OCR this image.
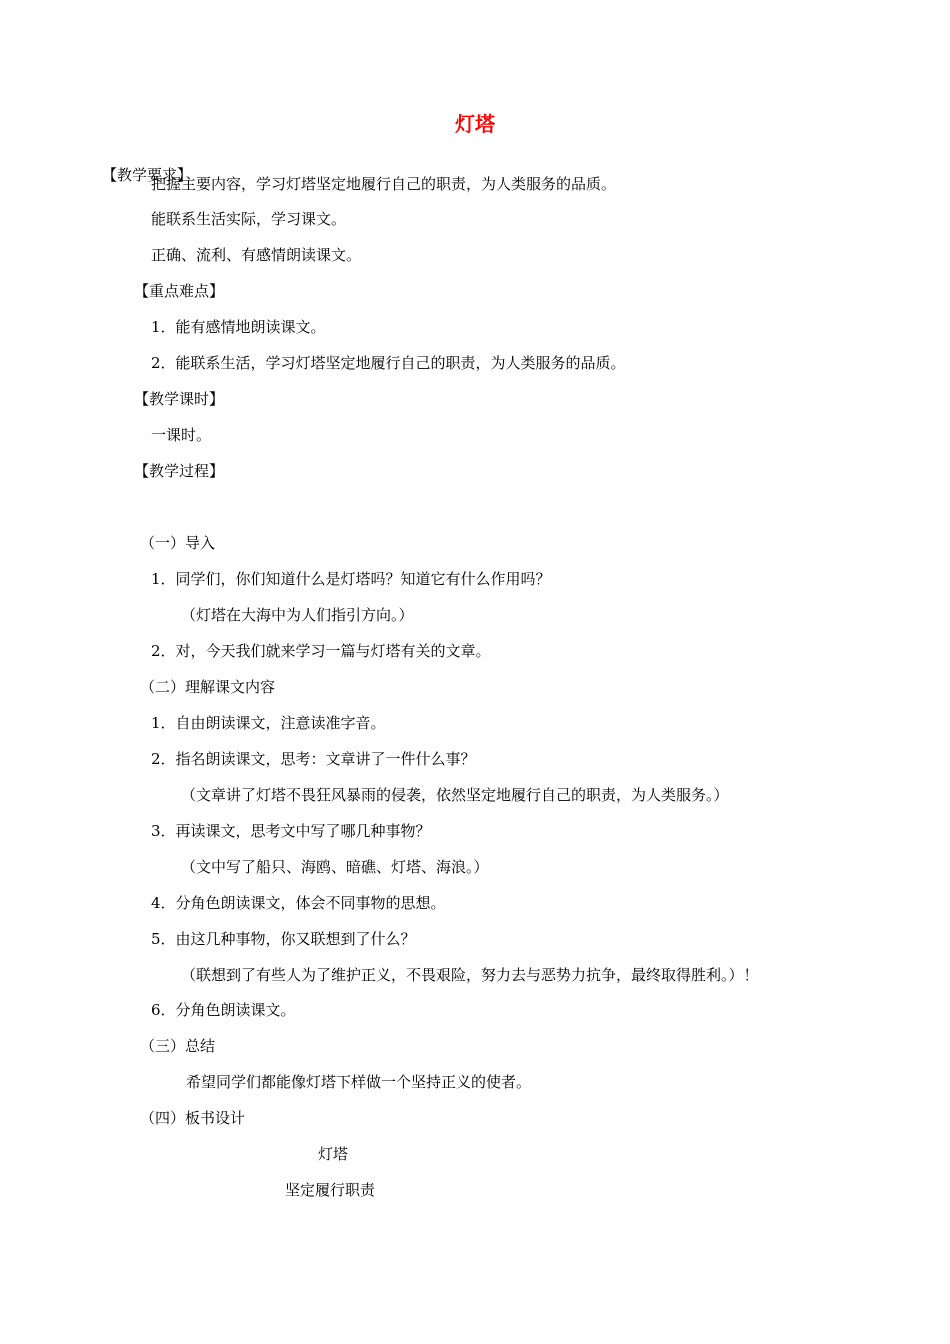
灯塔
【教学要求】
把握主要内容，学习灯塔坚定地履行自己的职责，为人类服务的品质。
能联系生活实际，学习课文。
正确、流利、有感情朗读课文。
【重点难点】
1．能有感情地朗读课文。
2．能联系生活，学习灯塔坚定地履行自己的职责，为人类服务的品质。
【教学课时】
一课时。
【教学过程】
（一）导入
1．同学们，你们知道什么是灯塔吗？知道它有什么作用吗？
（灯塔在大海中为人们指引方向。）
2．对，今天我们就来学习一篇与灯塔有关的文章。
（二）理解课文内容
1．自由朗读课文，注意读准字音。
2．指名朗读课文，思考：文章讲了一件什么事？
（文章讲了灯塔不畏狂风暴雨的侵袭，依然坚定地履行自己的职责，为人类服务。）
3．再读课文，思考文中写了哪几种事物？
（文中写了船只、海鸥、暗礁、灯塔、海浪。）
4．分角色朗读课文，体会不同事物的思想。
5．由这几种事物，你又联想到了什么？
（联想到了有些人为了维护正义，不畏艰险，努力去与恶势力抗争，最终取得胜利。）！
6．分角色朗读课文。
（三）总结
希望同学们都能像灯塔下样做一个坚持正义的使者。
（四）板书设计
灯塔
坚定履行职责
